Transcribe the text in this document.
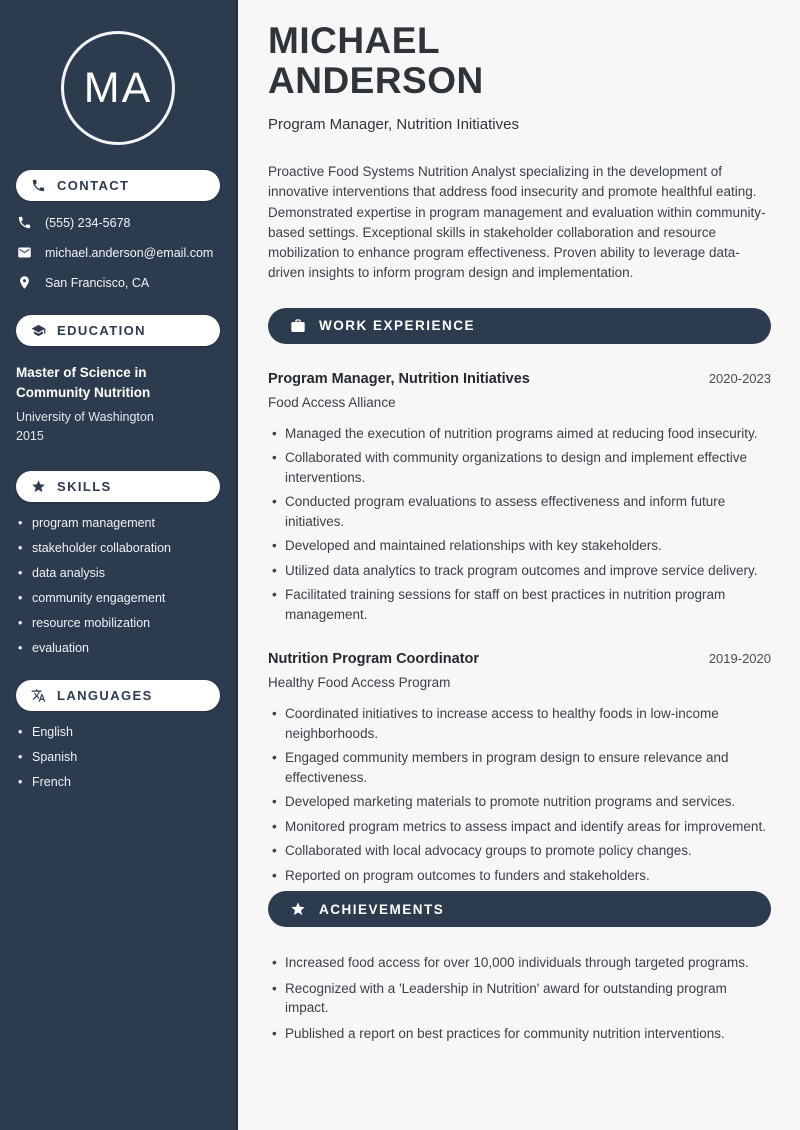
MA
CONTACT
(555) 234-5678
michael.anderson@email.com
San Francisco, CA
EDUCATION
Master of Science in Community Nutrition
University of Washington
2015
SKILLS
• program management
• stakeholder collaboration
• data analysis
• community engagement
• resource mobilization
• evaluation
LANGUAGES
• English
• Spanish
• French
MICHAEL
ANDERSON
Program Manager, Nutrition Initiatives

Proactive Food Systems Nutrition Analyst specializing in the development of innovative interventions that address food insecurity and promote healthful eating. Demonstrated expertise in program management and evaluation within community-based settings. Exceptional skills in stakeholder collaboration and resource mobilization to enhance program effectiveness. Proven ability to leverage data-driven insights to inform program design and implementation.

WORK EXPERIENCE
Program Manager, Nutrition Initiatives	2020-2023
Food Access Alliance
• Managed the execution of nutrition programs aimed at reducing food insecurity.
• Collaborated with community organizations to design and implement effective interventions.
• Conducted program evaluations to assess effectiveness and inform future initiatives.
• Developed and maintained relationships with key stakeholders.
• Utilized data analytics to track program outcomes and improve service delivery.
• Facilitated training sessions for staff on best practices in nutrition program management.
Nutrition Program Coordinator	2019-2020
Healthy Food Access Program
• Coordinated initiatives to increase access to healthy foods in low-income neighborhoods.
• Engaged community members in program design to ensure relevance and effectiveness.
• Developed marketing materials to promote nutrition programs and services.
• Monitored program metrics to assess impact and identify areas for improvement.
• Collaborated with local advocacy groups to promote policy changes.
• Reported on program outcomes to funders and stakeholders.
ACHIEVEMENTS
• Increased food access for over 10,000 individuals through targeted programs.
• Recognized with a 'Leadership in Nutrition' award for outstanding program impact.
• Published a report on best practices for community nutrition interventions.
